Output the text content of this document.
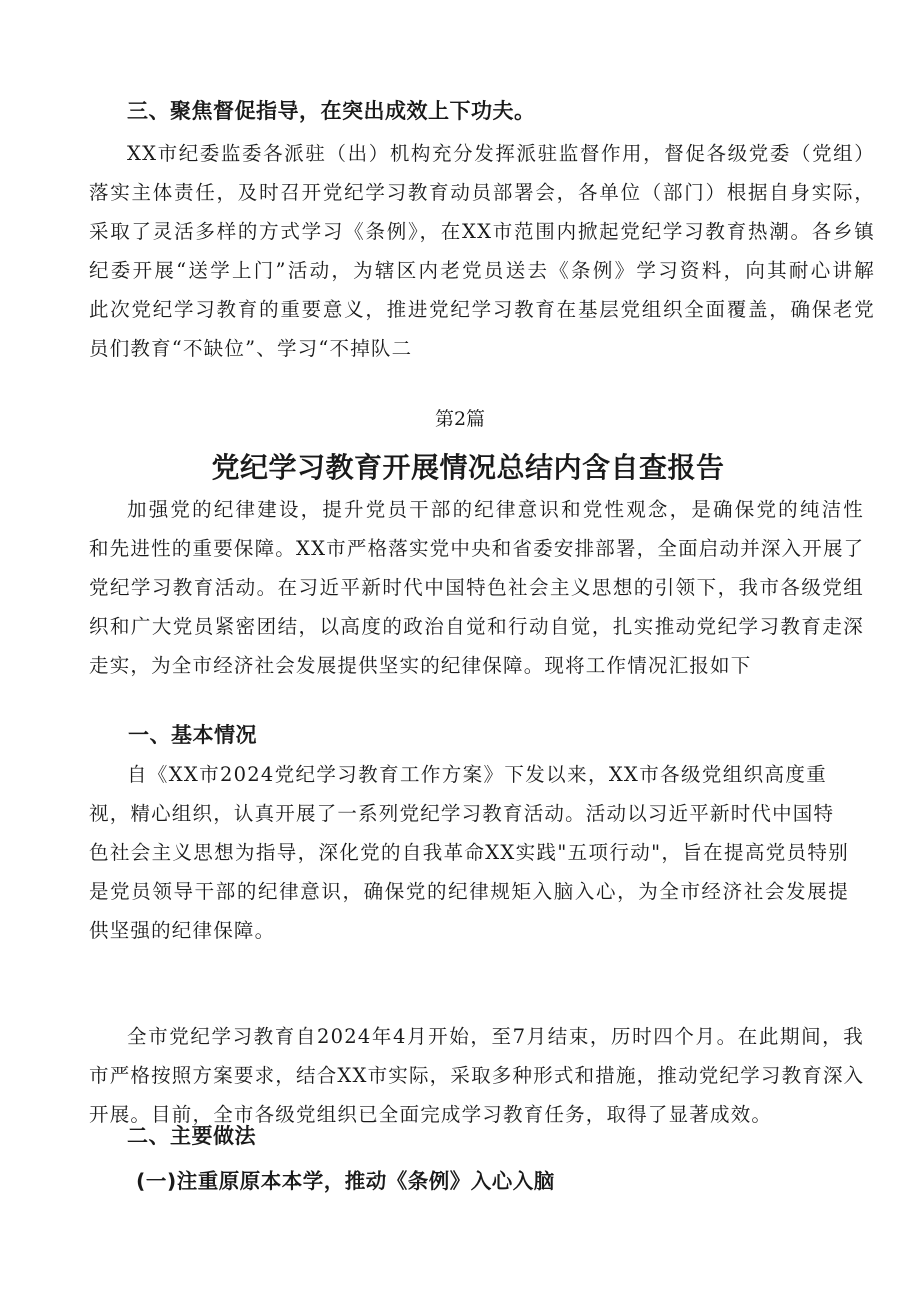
三、聚焦督促指导，在突出成效上下功夫。
XX市纪委监委各派驻（出）机构充分发挥派驻监督作用，督促各级党委（党组）
落实主体责任，及时召开党纪学习教育动员部署会，各单位（部门）根据自身实际，
采取了灵活多样的方式学习《条例》，在XX市范围内掀起党纪学习教育热潮。各乡镇
纪委开展“送学上门”活动，为辖区内老党员送去《条例》学习资料，向其耐心讲解
此次党纪学习教育的重要意义，推进党纪学习教育在基层党组织全面覆盖，确保老党
员们教育“不缺位”、学习“不掉队二

第2篇

党纪学习教育开展情况总结内含自查报告
加强党的纪律建设，提升党员干部的纪律意识和党性观念，是确保党的纯洁性
和先进性的重要保障。XX市严格落实党中央和省委安排部署，全面启动并深入开展了
党纪学习教育活动。在习近平新时代中国特色社会主义思想的引领下，我市各级党组
织和广大党员紧密团结，以高度的政治自觉和行动自觉，扎实推动党纪学习教育走深
走实，为全市经济社会发展提供坚实的纪律保障。现将工作情况汇报如下
一、基本情况
自《XX市2024党纪学习教育工作方案》下发以来，XX市各级党组织高度重
视，精心组织，认真开展了一系列党纪学习教育活动。活动以习近平新时代中国特
色社会主义思想为指导，深化党的自我革命XX实践"五项行动"，旨在提高党员特别
是党员领导干部的纪律意识，确保党的纪律规矩入脑入心，为全市经济社会发展提
供坚强的纪律保障。
全市党纪学习教育自2024年4月开始，至7月结束，历时四个月。在此期间，我
市严格按照方案要求，结合XX市实际，采取多种形式和措施，推动党纪学习教育深入
开展。目前，全市各级党组织已全面完成学习教育任务，取得了显著成效。
二、主要做法
(一)注重原原本本学，推动《条例》入心入脑
